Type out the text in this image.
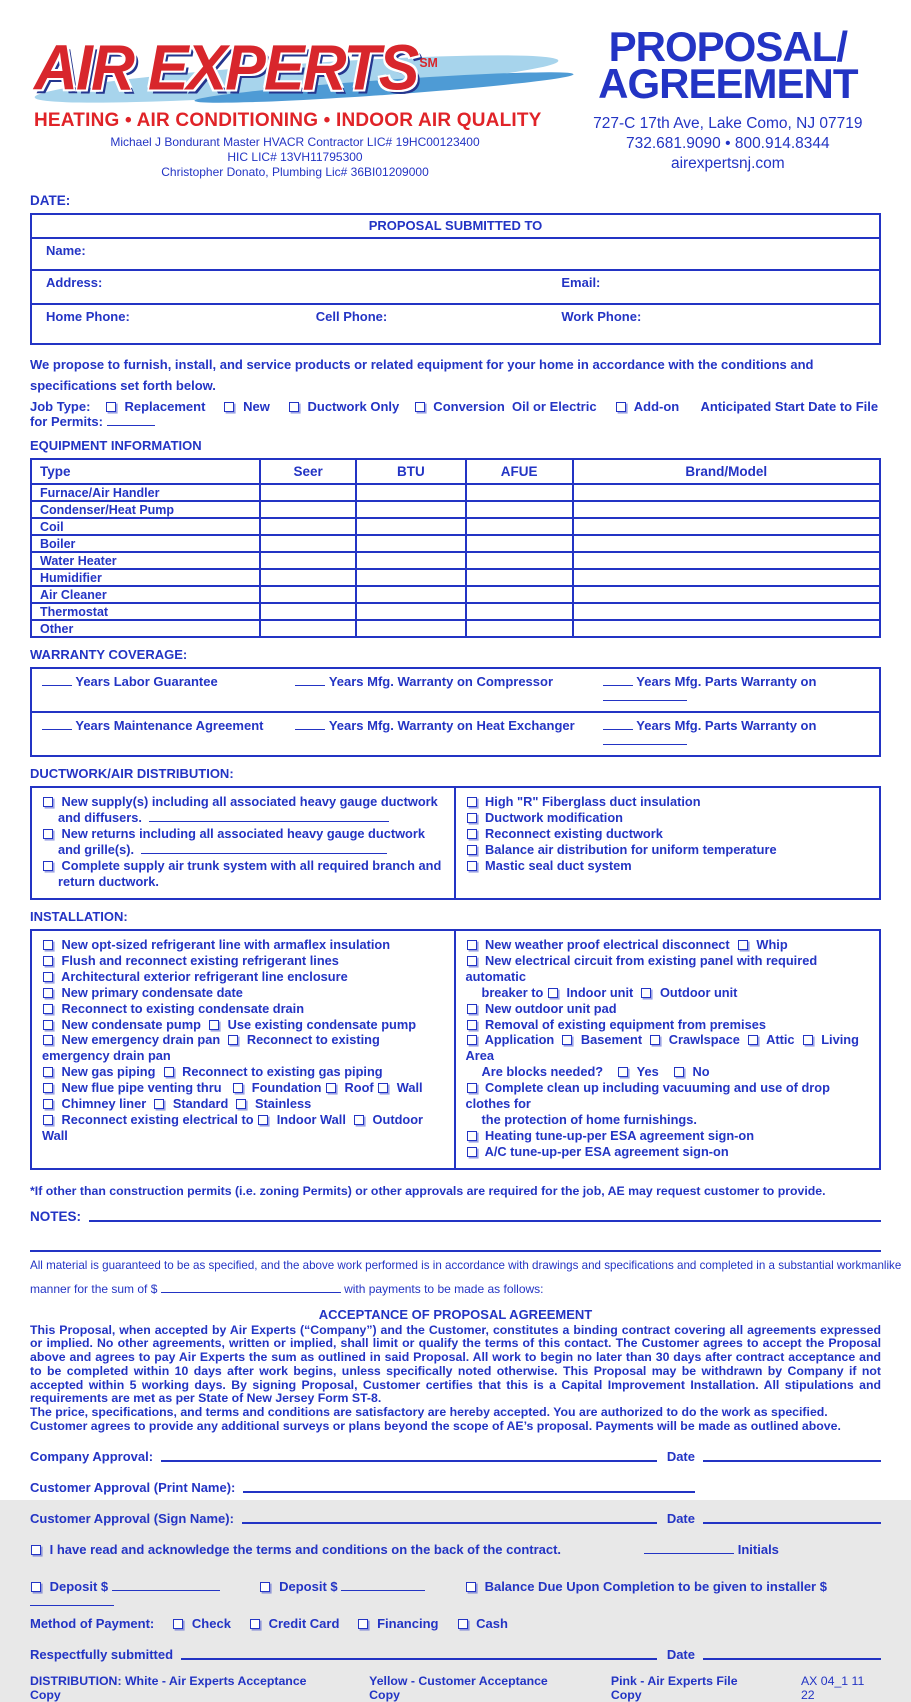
AIR EXPERTS ℠
HEATING • AIR CONDITIONING • INDOOR AIR QUALITY
Michael J Bondurant Master HVACR Contractor LIC# 19HC00123400
HIC LIC# 13VH11795300
Christopher Donato, Plumbing Lic# 36BI01209000
PROPOSAL/
AGREEMENT
727-C 17th Ave, Lake Como, NJ 07719
732.681.9090 • 800.914.8344
airexpertsnj.com
DATE:
PROPOSAL SUBMITTED TO
Name:
Address:	Email:
Home Phone:	Cell Phone:	Work Phone:
We propose to furnish, install, and service products or related equipment for your home in accordance with the conditions and specifications set forth below.
Job Type:     Replacement      New      Ductwork Only     Conversion  Oil or Electric      Add-on      Anticipated Start Date to File for Permits:
EQUIPMENT INFORMATION
Type	Seer	BTU	AFUE	Brand/Model
Furnace/Air Handler				
Condenser/Heat Pump				
Coil				
Boiler				
Water Heater				
Humidifier				
Air Cleaner				
Thermostat				
Other				
WARRANTY COVERAGE:
Years Labor Guarantee	Years Mfg. Warranty on Compressor	Years Mfg. Parts Warranty on
Years Maintenance Agreement	Years Mfg. Warranty on Heat Exchanger	Years Mfg. Parts Warranty on
DUCTWORK/AIR DISTRIBUTION:
New supply(s) including all associated heavy gauge ductwork
and diffusers.
New returns including all associated heavy gauge ductwork
and grille(s).
Complete supply air trunk system with all required branch and
return ductwork.
High "R" Fiberglass duct insulation
Ductwork modification
Reconnect existing ductwork
Balance air distribution for uniform temperature
Mastic seal duct system
INSTALLATION:
New opt-sized refrigerant line with armaflex insulation
Flush and reconnect existing refrigerant lines
Architectural exterior refrigerant line enclosure
New primary condensate date
Reconnect to existing condensate drain
New condensate pump   Use existing condensate pump
New emergency drain pan   Reconnect to existing emergency drain pan
New gas piping   Reconnect to existing gas piping
New flue pipe venting thru    Foundation  Roof  Wall
Chimney liner   Standard   Stainless
Reconnect existing electrical to  Indoor Wall   Outdoor Wall
New weather proof electrical disconnect   Whip
New electrical circuit from existing panel with required automatic
breaker to  Indoor unit   Outdoor unit
New outdoor unit pad
Removal of existing equipment from premises
Application   Basement   Crawlspace   Attic   Living Area
Are blocks needed?     Yes     No
Complete clean up including vacuuming and use of drop clothes for
the protection of home furnishings.
Heating tune-up-per ESA agreement sign-on
A/C tune-up-per ESA agreement sign-on
*If other than construction permits (i.e. zoning Permits) or other approvals are required for the job, AE may request customer to provide.
NOTES:
All material is guaranteed to be as specified, and the above work performed is in accordance with drawings and specifications and completed in a substantial workmanlike
manner for the sum of $	with payments to be made as follows:
ACCEPTANCE OF PROPOSAL AGREEMENT
This Proposal, when accepted by Air Experts (“Company”) and the Customer, constitutes a binding contract covering all agreements expressed or implied. No other agreements, written or implied, shall limit or qualify the terms of this contact. The Customer agrees to accept the Proposal above and agrees to pay Air Experts the sum as outlined in said Proposal. All work to begin no later than 30 days after contract acceptance and to be completed within 10 days after work begins, unless specifically noted otherwise. This Proposal may be withdrawn by Company if not accepted within 5 working days. By signing Proposal, Customer certifies that this is a Capital Improvement Installation. All stipulations and requirements are met as per State of New Jersey Form ST-8.
The price, specifications, and terms and conditions are satisfactory are hereby accepted. You are authorized to do the work as specified. Customer agrees to provide any additional surveys or plans beyond the scope of AE’s proposal. Payments will be made as outlined above.
Company Approval:	Date
Customer Approval (Print Name):
Customer Approval (Sign Name):	Date
I have read and acknowledge the terms and conditions on the back of the contract.	Initials
Deposit $	Deposit $	Balance Due Upon Completion to be given to installer $
Method of Payment:      Check      Credit Card      Financing      Cash
Respectfully submitted	Date
DISTRIBUTION: White - Air Experts Acceptance Copy
Yellow - Customer Acceptance Copy
Pink - Air Experts File Copy
AX 04_1 11 22
